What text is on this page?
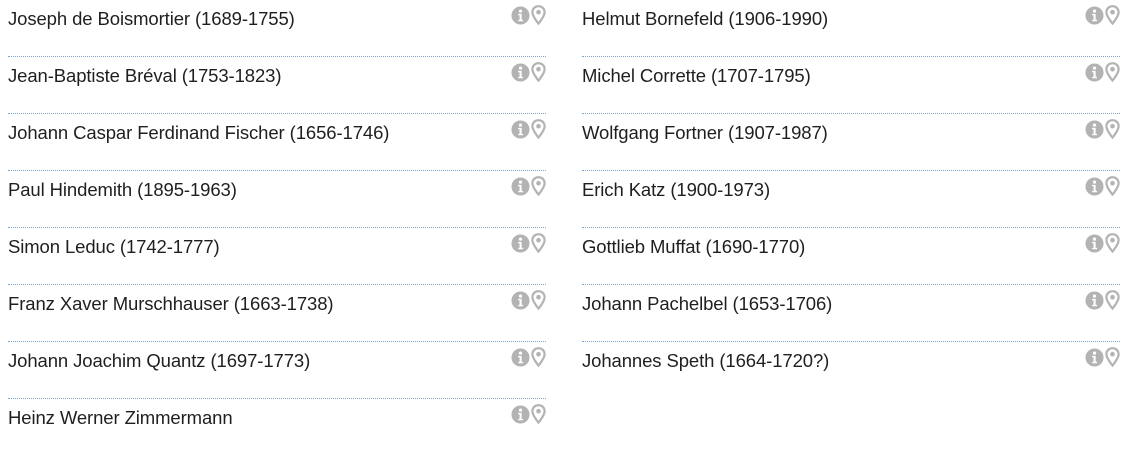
Joseph de Boismortier (1689-1755)
Jean-Baptiste Bréval (1753-1823)
Johann Caspar Ferdinand Fischer (1656-1746)
Paul Hindemith (1895-1963)
Simon Leduc (1742-1777)
Franz Xaver Murschhauser (1663-1738)
Johann Joachim Quantz (1697-1773)
Heinz Werner Zimmermann
Helmut Bornefeld (1906-1990)
Michel Corrette (1707-1795)
Wolfgang Fortner (1907-1987)
Erich Katz (1900-1973)
Gottlieb Muffat (1690-1770)
Johann Pachelbel (1653-1706)
Johannes Speth (1664-1720?)
